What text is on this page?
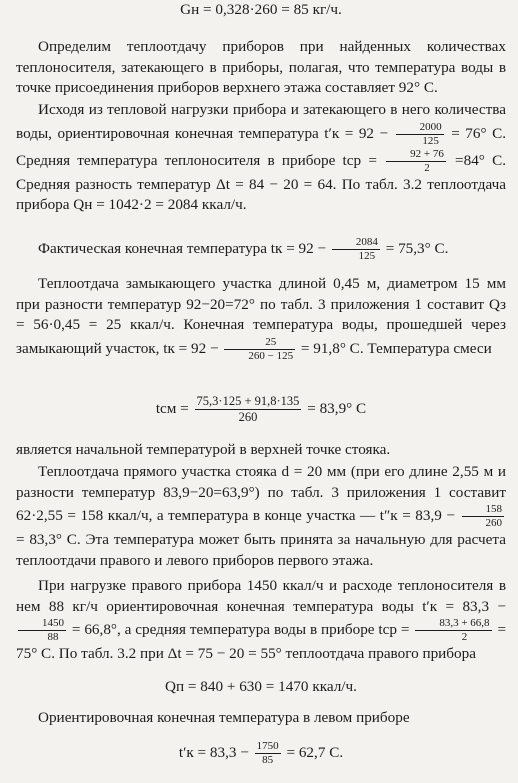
Gн = 0,328·260 = 85 кг/ч.

Определим теплоотдачу приборов при найденных количествах теплоносителя, затекающего в приборы, полагая, что температура воды в точке присоединения приборов верхнего этажа составляет 92° C.

Исходя из тепловой нагрузки прибора и затекающего в него количества воды, ориентировочная конечная температура $t'к = 92 - \frac{2000}{125} = 76^\circ$ C. Средняя температура теплоносителя в приборе tср = $\frac{92 + 76}{2} =84^\circ$ C. Средняя разность температур Δt = 84 − 20 = 64. По табл. 3.2 теплоотдача прибора Qн = 1042·2 = 2084 ккал/ч.

Фактическая конечная температура tк = $92 - \frac{2084}{125} = 75,3^\circ$ C.

Теплоотдача замыкающего участка длиной 0,45 м, диаметром 15 мм при разности температур 92−20=72° по табл. 3 приложения 1 составит Qз = 56·0,45 = 25 ккал/ч. Конечная температура воды, прошедшей через замыкающий участок, tк = $92 - \frac{25}{260 - 125} = 91,8^\circ$ C. Температура смеси

tсм = $\frac{75,3\cdot 125 + 91,8\cdot 135}{260} = 83,9^\circ$ C

является начальной температурой в верхней точке стояка.

Теплоотдача прямого участка стояка d = 20 мм (при его длине 2,55 м и разности температур 83,9−20=63,9°) по табл. 3 приложения 1 составит 62·2,55 = 158 ккал/ч, а температура в конце участка — $t''к = 83,9 - \frac{158}{260}$
= 83,3° C. Эта температура может быть принята за начальную для расчета теплоотдачи правого и левого приборов первого этажа.

При нагрузке правого прибора 1450 ккал/ч и расходе теплоносителя в нем 88 кг/ч ориентировочная конечная температура воды t′к = 83,3 −
$\frac{1450}{88} = 66,8^\circ$, а средняя температура воды в приборе tср = $\frac{83,3 + 66,8}{2} = 75^\circ$ C. По табл. 3.2 при Δt = 75 − 20 = 55° теплоотдача правого прибора

Qп = 840 + 630 = 1470 ккал/ч.

Ориентировочная конечная температура в левом приборе

$t'к = 83,3 - \frac{1750}{85} = 62,7$ C.
